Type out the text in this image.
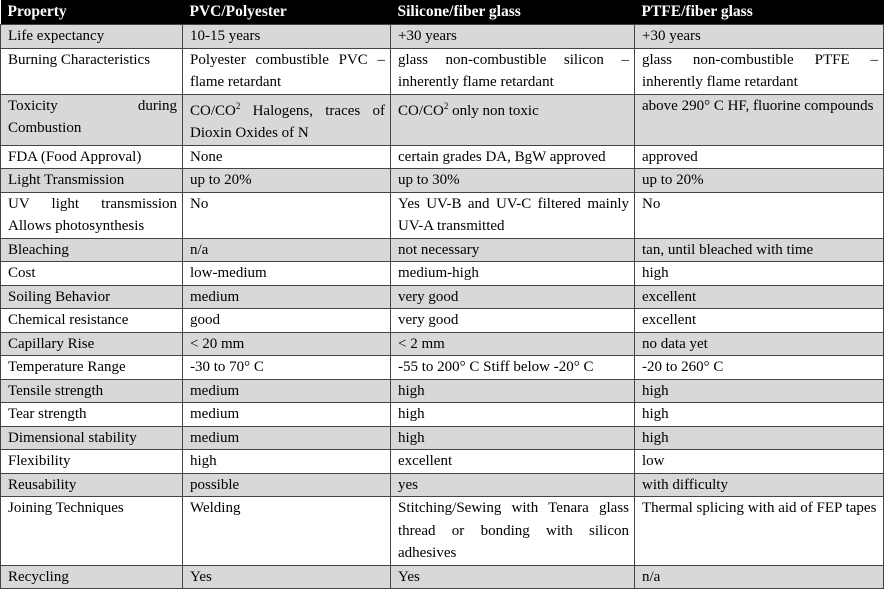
Property	PVC/Polyester	Silicone/fiber glass	PTFE/fiber glass
Life expectancy	10-15 years	+30 years	+30 years
Burning Characteristics	Polyester combustible PVC – flame retardant	glass non-combustible silicon – inherently flame retardant	glass non-combustible PTFE – inherently flame retardant
Toxicity during Combustion	$CO/CO^2$ Halogens, traces of Dioxin Oxides of N	$CO/CO^2$ only non toxic	above 290° C HF, fluorine compounds
FDA (Food Approval)	None	certain grades DA, BgW approved	approved
Light Transmission	up to 20%	up to 30%	up to 20%
UV light transmission Allows photosynthesis	No	Yes UV-B and UV-C filtered mainly UV-A transmitted	No
Bleaching	n/a	not necessary	tan, until bleached with time
Cost	low-medium	medium-high	high
Soiling Behavior	medium	very good	excellent
Chemical resistance	good	very good	excellent
Capillary Rise	< 20 mm	< 2 mm	no data yet
Temperature Range	-30 to 70° C	-55 to 200° C Stiff below -20° C	-20 to 260° C
Tensile strength	medium	high	high
Tear strength	medium	high	high
Dimensional stability	medium	high	high
Flexibility	high	excellent	low
Reusability	possible	yes	with difficulty
Joining Techniques	Welding	Stitching/Sewing with Tenara glass thread or bonding with silicon adhesives	Thermal splicing with aid of FEP tapes
Recycling	Yes	Yes	n/a
